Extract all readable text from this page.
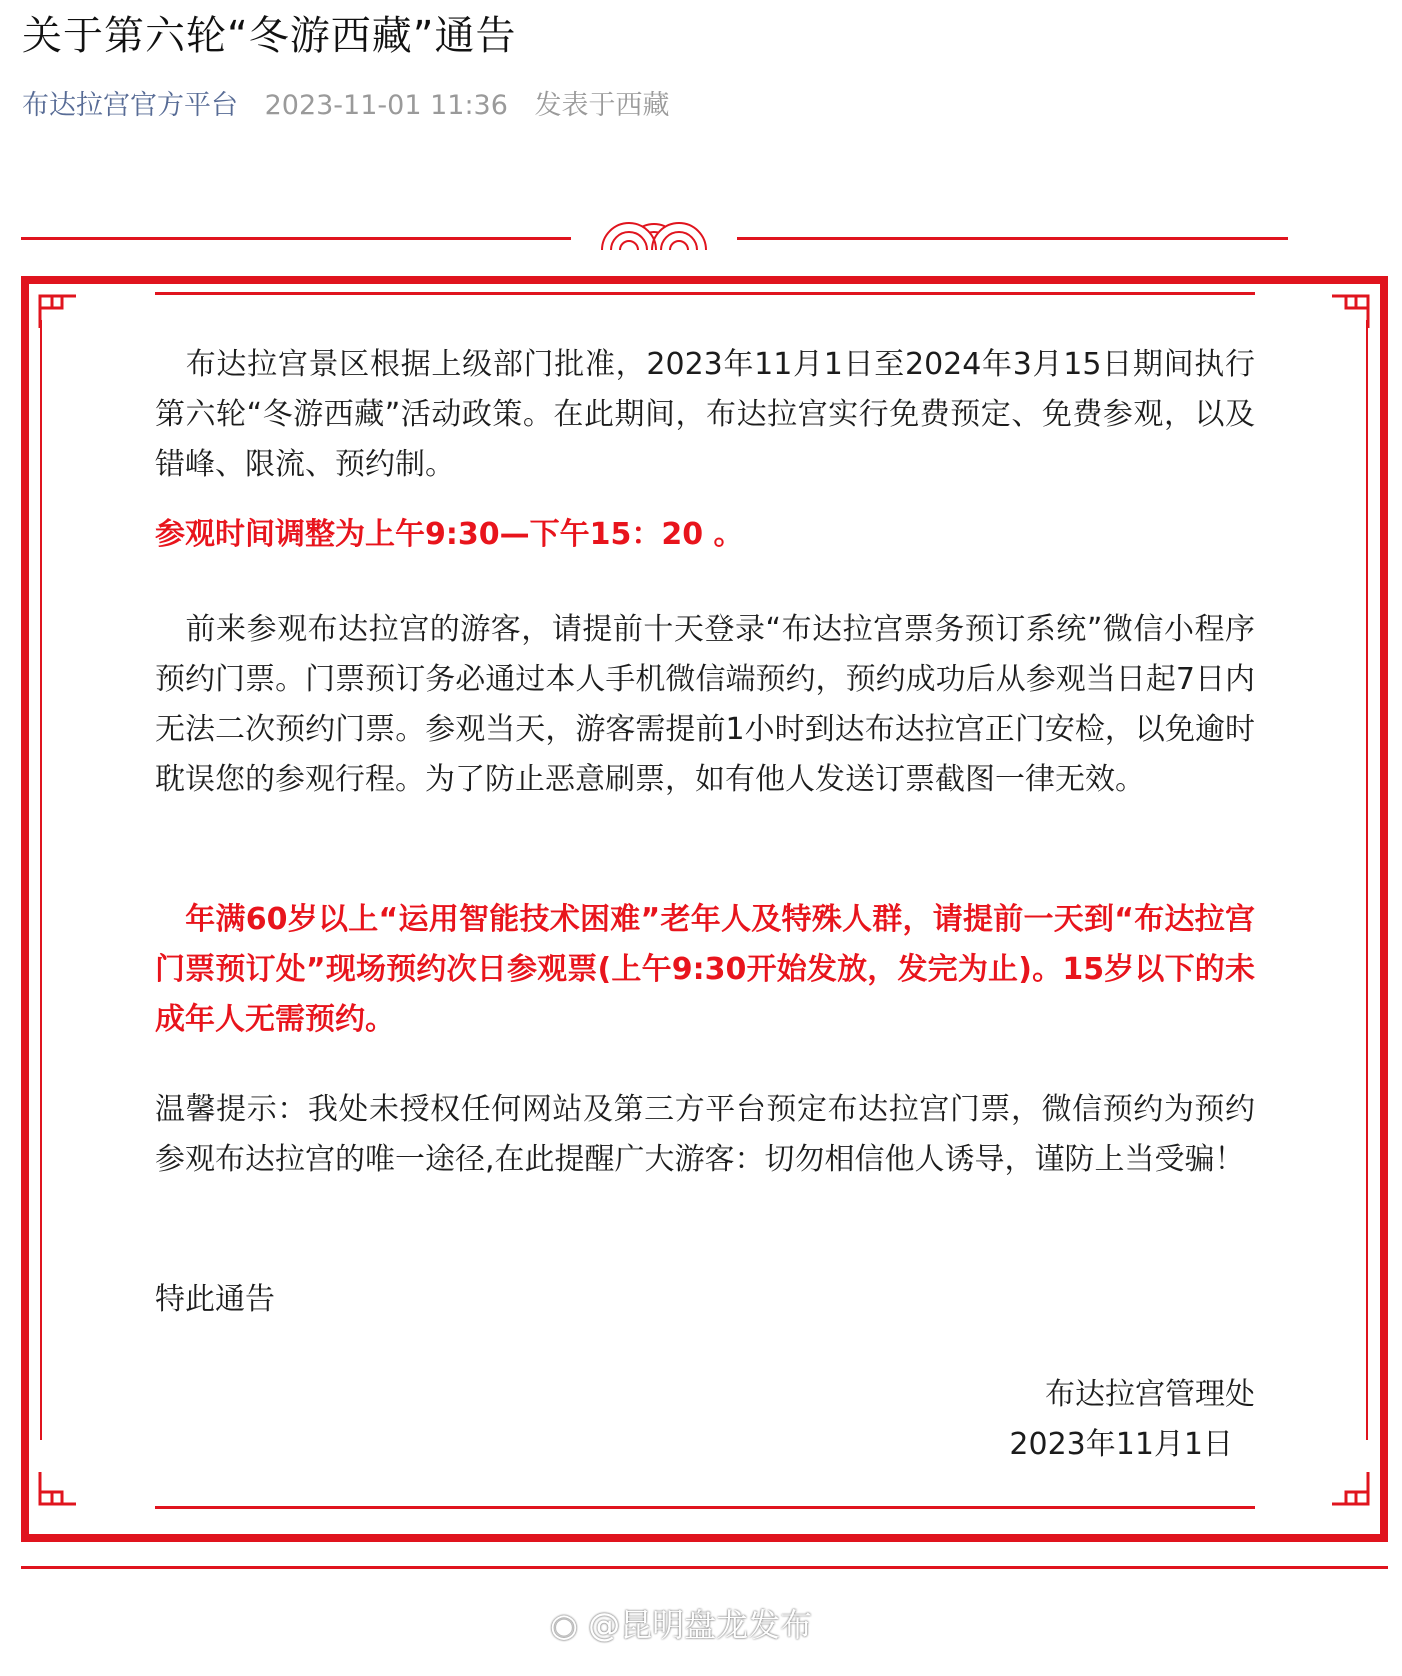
关于第六轮“冬游西藏”通告
布达拉宫官方平台 2023-11-01 11:36 发表于西藏

　布达拉宫景区根据上级部门批准，2023年11月1日至2024年3月15日期间执行第六轮“冬游西藏”活动政策。在此期间，布达拉宫实行免费预定、免费参观，以及错峰、限流、预约制。

参观时间调整为上午9:30—下午15：20 。

　前来参观布达拉宫的游客，请提前十天登录“布达拉宫票务预订系统”微信小程序预约门票。门票预订务必通过本人手机微信端预约，预约成功后从参观当日起7日内无法二次预约门票。参观当天，游客需提前1小时到达布达拉宫正门安检，以免逾时耽误您的参观行程。为了防止恶意刷票，如有他人发送订票截图一律无效。

　年满60岁以上“运用智能技术困难”老年人及特殊人群，请提前一天到“布达拉宫门票预订处”现场预约次日参观票(上午9:30开始发放，发完为止)。15岁以下的未成年人无需预约。

温馨提示：我处未授权任何网站及第三方平台预定布达拉宫门票，微信预约为预约参观布达拉宫的唯一途径,在此提醒广大游客：切勿相信他人诱导，谨防上当受骗！

特此通告

布达拉宫管理处
2023年11月1日
◉ @昆明盘龙发布
